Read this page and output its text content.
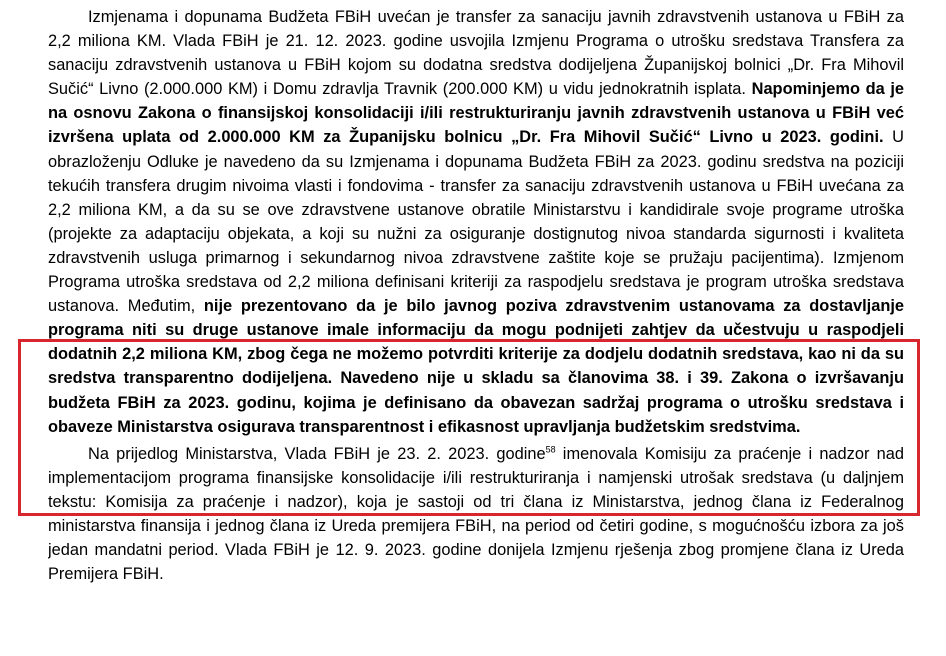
Izmjenama i dopunama Budžeta FBiH uvećan je transfer za sanaciju javnih zdravstvenih ustanova u FBiH za 2,2 miliona KM. Vlada FBiH je 21. 12. 2023. godine usvojila Izmjenu Programa o utrošku sredstava Transfera za sanaciju zdravstvenih ustanova u FBiH kojom su dodatna sredstva dodijeljena Županijskoj bolnici „Dr. Fra Mihovil Sučić“ Livno (2.000.000 KM) i Domu zdravlja Travnik (200.000 KM) u vidu jednokratnih isplata. Napominjemo da je na osnovu Zakona o finansijskoj konsolidaciji i/ili restrukturiranju javnih zdravstvenih ustanova u FBiH već izvršena uplata od 2.000.000 KM za Županijsku bolnicu „Dr. Fra Mihovil Sučić“ Livno u 2023. godini. U obrazloženju Odluke je navedeno da su Izmjenama i dopunama Budžeta FBiH za 2023. godinu sredstva na poziciji tekućih transfera drugim nivoima vlasti i fondovima - transfer za sanaciju zdravstvenih ustanova u FBiH uvećana za 2,2 miliona KM, a da su se ove zdravstvene ustanove obratile Ministarstvu i kandidirale svoje programe utroška (projekte za adaptaciju objekata, a koji su nužni za osiguranje dostignutog nivoa standarda sigurnosti i kvaliteta zdravstvenih usluga primarnog i sekundarnog nivoa zdravstvene zaštite koje se pružaju pacijentima). Izmjenom Programa utroška sredstava od 2,2 miliona definisani kriteriji za raspodjelu sredstava je program utroška sredstava ustanova. Međutim, nije prezentovano da je bilo javnog poziva zdravstvenim ustanovama za dostavljanje programa niti su druge ustanove imale informaciju da mogu podnijeti zahtjev da učestvuju u raspodjeli dodatnih 2,2 miliona KM, zbog čega ne možemo potvrditi kriterije za dodjelu dodatnih sredstava, kao ni da su sredstva transparentno dodijeljena. Navedeno nije u skladu sa članovima 38. i 39. Zakona o izvršavanju budžeta FBiH za 2023. godinu, kojima je definisano da obavezan sadržaj programa o utrošku sredstava i obaveze Ministarstva osigurava transparentnost i efikasnost upravljanja budžetskim sredstvima.

Na prijedlog Ministarstva, Vlada FBiH je 23. 2. 2023. godine$^{58}$ imenovala Komisiju za praćenje i nadzor nad implementacijom programa finansijske konsolidacije i/ili restrukturiranja i namjenski utrošak sredstava (u daljnjem tekstu: Komisija za praćenje i nadzor), koja je sastoji od tri člana iz Ministarstva, jednog člana iz Federalnog ministarstva finansija i jednog člana iz Ureda premijera FBiH, na period od četiri godine, s mogućnošću izbora za još jedan mandatni period. Vlada FBiH je 12. 9. 2023. godine donijela Izmjenu rješenja zbog promjene člana iz Ureda Premijera FBiH.
